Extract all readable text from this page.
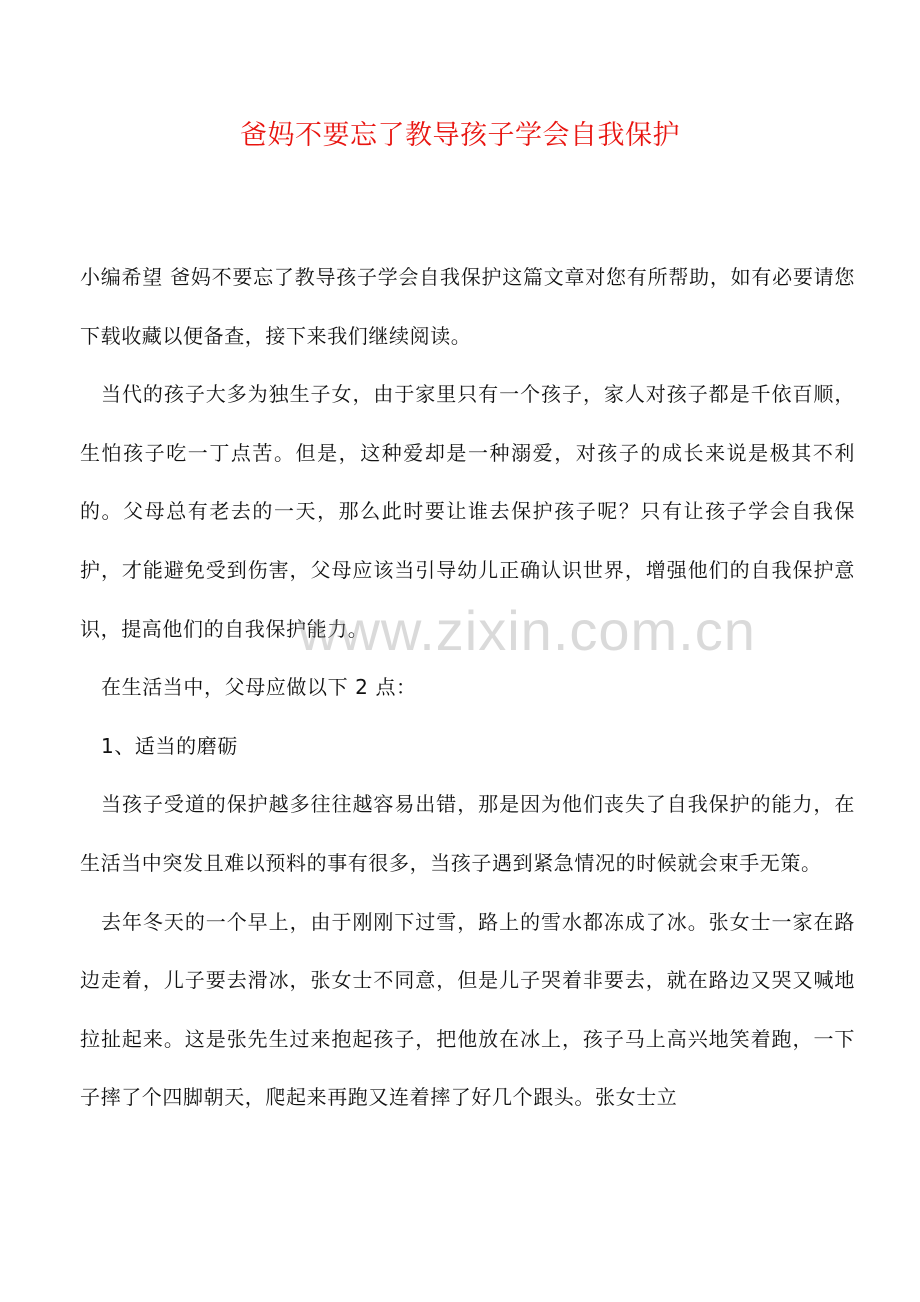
爸妈不要忘了教导孩子学会自我保护

小编希望 爸妈不要忘了教导孩子学会自我保护这篇文章对您有所帮助，如有必要请您下载收藏以便备查，接下来我们继续阅读。

当代的孩子大多为独生子女，由于家里只有一个孩子，家人对孩子都是千依百顺，生怕孩子吃一丁点苦。但是，这种爱却是一种溺爱，对孩子的成长来说是极其不利的。父母总有老去的一天，那么此时要让谁去保护孩子呢？只有让孩子学会自我保护，才能避免受到伤害，父母应该当引导幼儿正确认识世界，增强他们的自我保护意识，提高他们的自我保护能力。

在生活当中，父母应做以下 2 点：

1、适当的磨砺

当孩子受道的保护越多往往越容易出错，那是因为他们丧失了自我保护的能力，在生活当中突发且难以预料的事有很多，当孩子遇到紧急情况的时候就会束手无策。

去年冬天的一个早上，由于刚刚下过雪，路上的雪水都冻成了冰。张女士一家在路边走着，儿子要去滑冰，张女士不同意，但是儿子哭着非要去，就在路边又哭又喊地拉扯起来。这是张先生过来抱起孩子，把他放在冰上，孩子马上高兴地笑着跑，一下子摔了个四脚朝天，爬起来再跑又连着摔了好几个跟头。张女士立

www.zixin.com.cn
